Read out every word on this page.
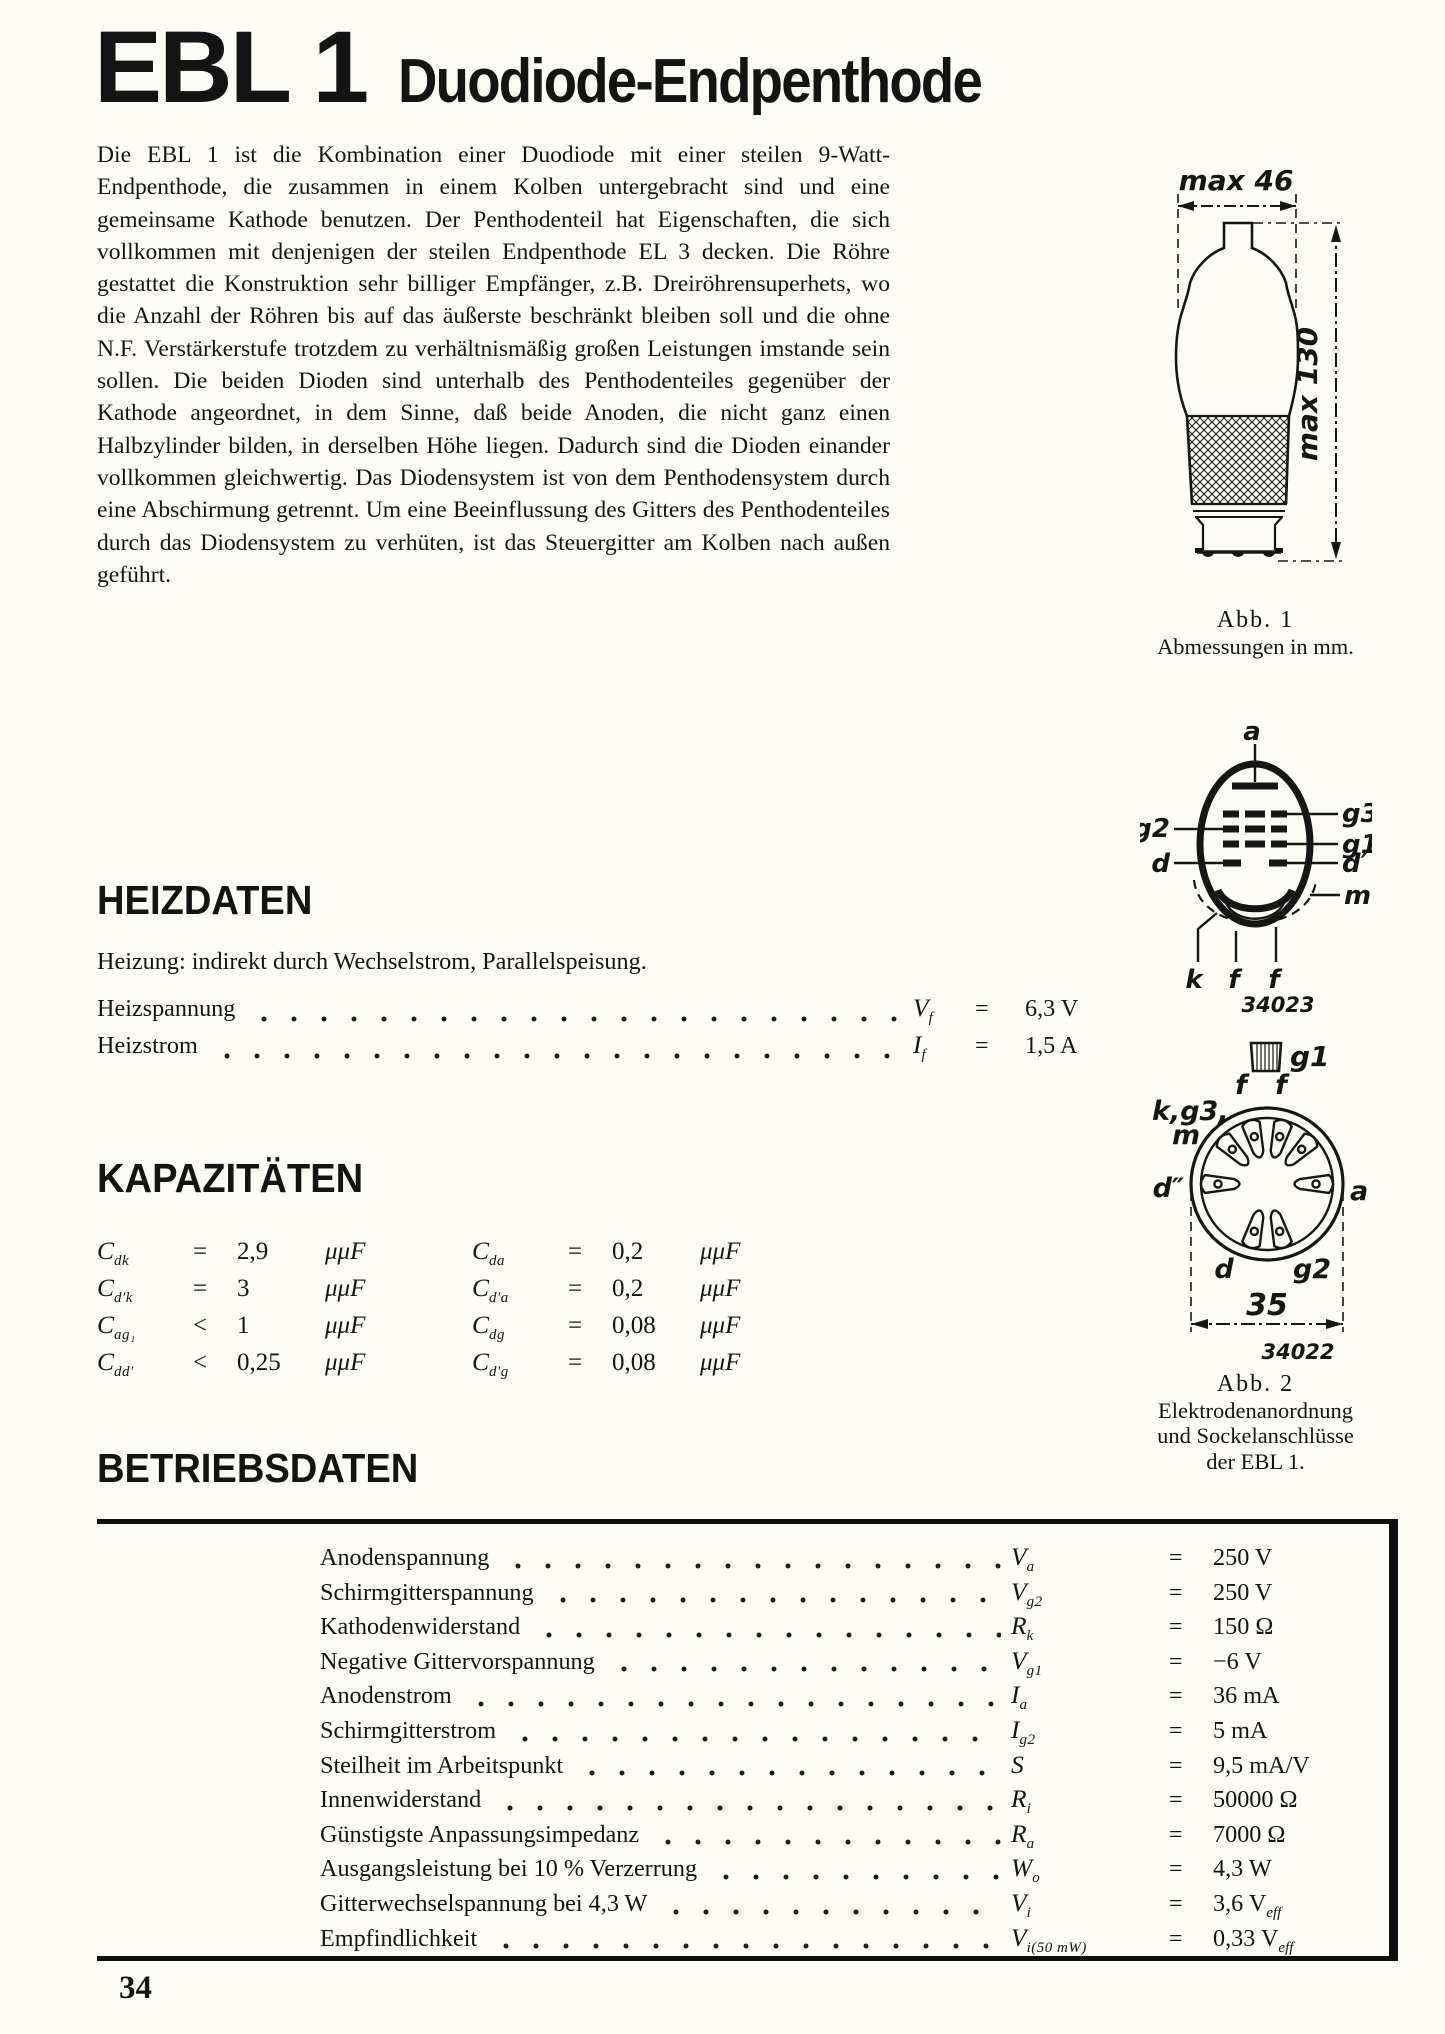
EBL 1 Duodiode-Endpenthode
Die EBL 1 ist die Kombination einer Duodiode mit einer steilen 9-Watt-Endpenthode, die zusammen in einem Kolben untergebracht sind und eine gemeinsame Kathode benutzen. Der Penthodenteil hat Eigenschaften, die sich vollkommen mit denjenigen der steilen Endpenthode EL 3 decken. Die Röhre gestattet die Konstruktion sehr billiger Empfänger, z.B. Dreiröhrensuperhets, wo die Anzahl der Röhren bis auf das äußerste beschränkt bleiben soll und die ohne N.F. Verstärkerstufe trotzdem zu verhältnismäßig großen Leistungen imstande sein sollen. Die beiden Dioden sind unterhalb des Penthodenteiles gegenüber der Kathode angeordnet, in dem Sinne, daß beide Anoden, die nicht ganz einen Halbzylinder bilden, in derselben Höhe liegen. Dadurch sind die Dioden einander vollkommen gleichwertig. Das Diodensystem ist von dem Penthodensystem durch eine Abschirmung getrennt. Um eine Beeinflussung des Gitters des Penthodenteiles durch das Diodensystem zu verhüten, ist das Steuergitter am Kolben nach außen geführt.
max 46
max 130
Abb. 1
Abmessungen in mm.
a
k f f
2
d
g
g
d′
m
34023
g1
f f
k,g3,
m
d″	a
d g2
35
34022
Abb. 2
Elektrodenanordnung
und Sockelanschlüsse
der EBL 1.
HEIZDATEN
Heizung: indirekt durch Wechselstrom, Parallelspeisung.
Heizspannung	$V_f$	=	6,3 V
Heizstrom	$I_f$	=	1,5 A
KAPAZITÄTEN
$C_{dk}$	=	2,9	μμF
$C_{d'k}$	=	3	μμF
$C_{ag_1}$	<	1	μμF
$C_{dd'}$	<	0,25	μμF
$C_{da}$	=	0,2	μμF
$C_{d'a}$	=	0,2	μμF
$C_{dg}$	=	0,08	μμF
$C_{d'g}$	=	0,08	μμF
BETRIEBSDATEN
Anodenspannung	$V_a$	=	250 V
Schirmgitterspannung	$V_{g2}$	=	250 V
Kathodenwiderstand	$R_k$	=	150 Ω
Negative Gittervorspannung	$V_{g1}$	=	−6 V
Anodenstrom	$I_a$	=	36 mA
Schirmgitterstrom	$I_{g2}$	=	5 mA
Steilheit im Arbeitspunkt	S	=	9,5 mA/V
Innenwiderstand	$R_i$	=	50000 Ω
Günstigste Anpassungsimpedanz	$R_a$	=	7000 Ω
Ausgangsleistung bei 10 % Verzerrung	$W_o$	=	4,3 W
Gitterwechselspannung bei 4,3 W	$V_i$	=	3,6 $V_{eff}$
Empfindlichkeit	$V_{i(50 mW)}$	=	0,33 $V_{eff}$
34
